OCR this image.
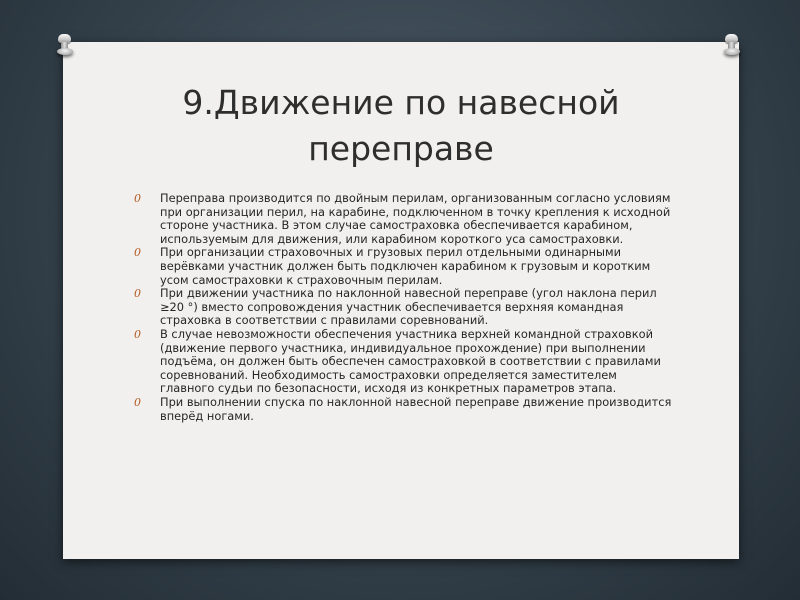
9.Движение по навесной
переправе
0 Переправа производится по двойным перилам, организованным согласно условиям при организации перил, на карабине, подключенном в точку крепления к исходной стороне участника. В этом случае самостраховка обеспечивается карабином, используемым для движения, или карабином короткого уса самостраховки.
0 При организации страховочных и грузовых перил отдельными одинарными верёвками участник должен быть подключен карабином к грузовым и коротким усом самостраховки к страховочным перилам.
0 При движении участника по наклонной навесной переправе (угол наклона перил ≥20 °) вместо сопровождения участник обеспечивается верхняя командная страховка в соответствии с правилами соревнований.
0 В случае невозможности обеспечения участника верхней командной страховкой (движение первого участника, индивидуальное прохождение) при выполнении подъёма, он должен быть обеспечен самостраховкой в соответствии с правилами соревнований. Необходимость самостраховки определяется заместителем главного судьи по безопасности, исходя из конкретных параметров этапа.
0 При выполнении спуска по наклонной навесной переправе движение производится вперёд ногами.
